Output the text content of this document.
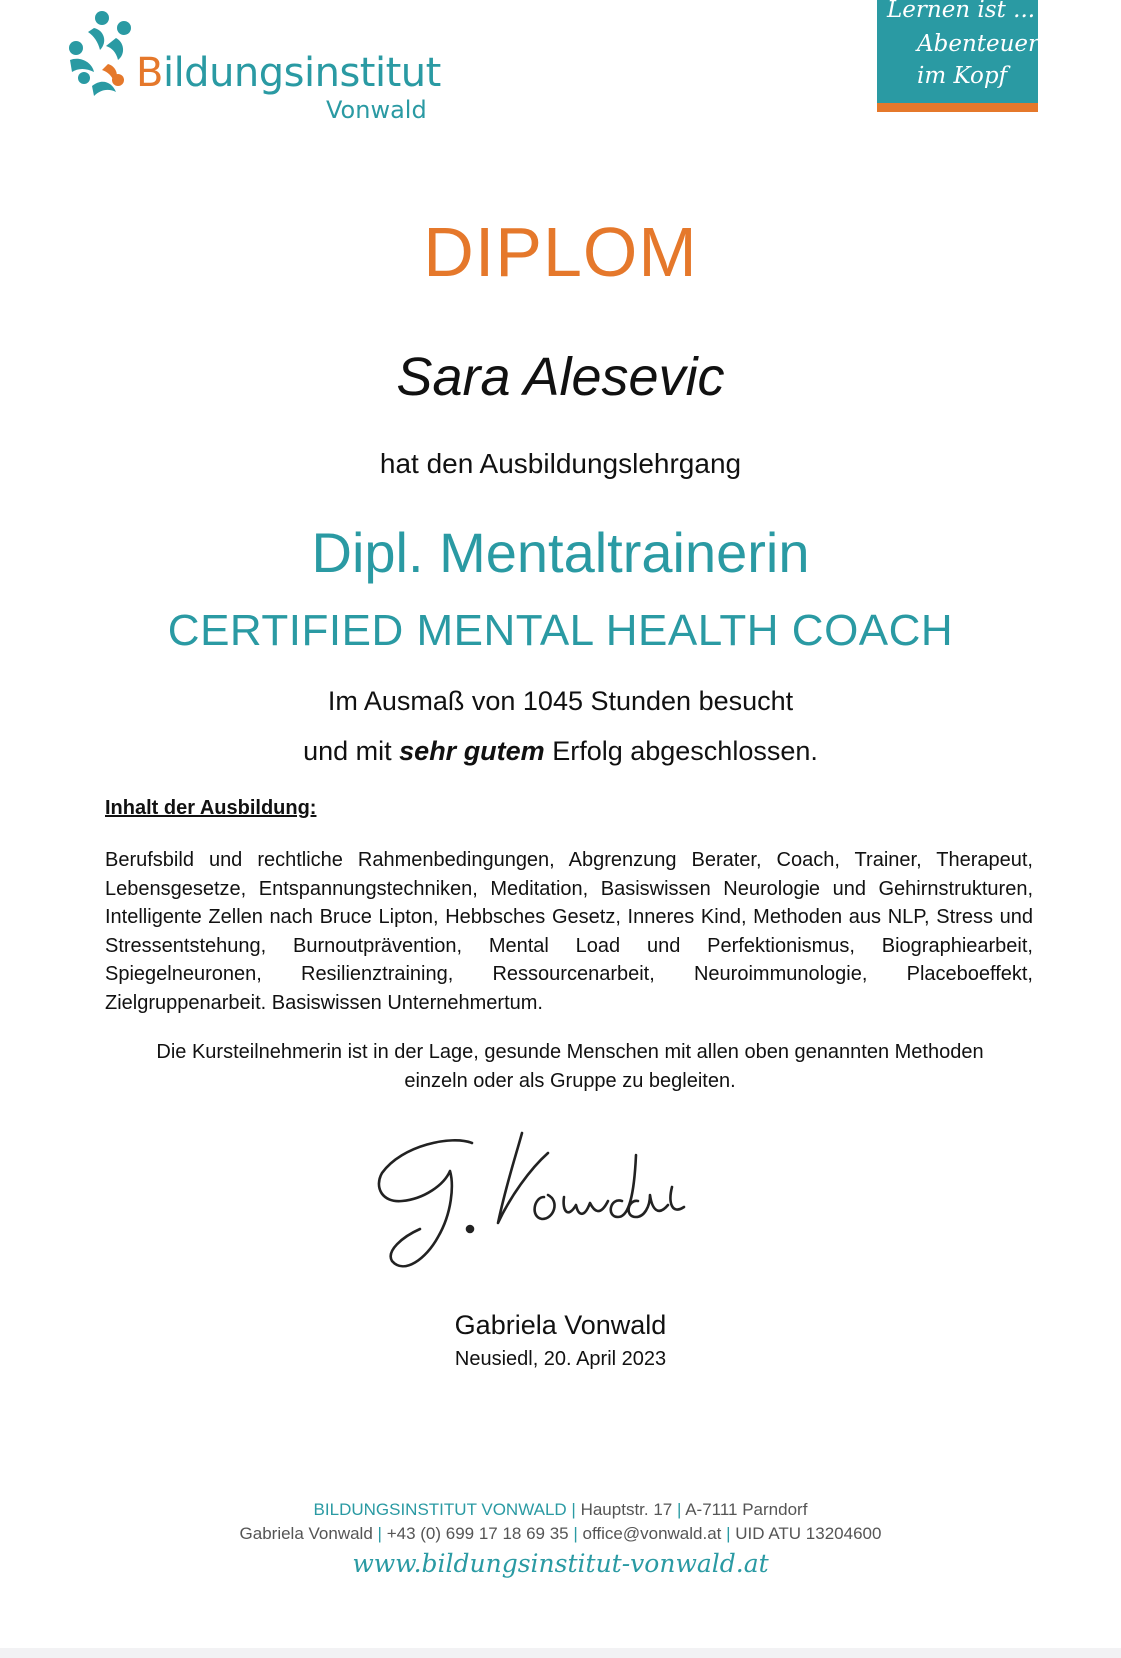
Bildungsinstitut
Vonwald
Lernen ist ...
Abenteuer
im Kopf
DIPLOM
Sara Alesevic
hat den Ausbildungslehrgang
Dipl. Mentaltrainerin
CERTIFIED MENTAL HEALTH COACH
Im Ausmaß von 1045 Stunden besucht
und mit sehr gutem Erfolg abgeschlossen.
Inhalt der Ausbildung:
Berufsbild und rechtliche Rahmenbedingungen, Abgrenzung Berater, Coach, Trainer, Therapeut, Lebensgesetze, Entspannungstechniken, Meditation, Basiswissen Neurologie und Gehirnstrukturen, Intelligente Zellen nach Bruce Lipton, Hebbsches Gesetz, Inneres Kind, Methoden aus NLP, Stress und Stressentstehung, Burnoutprävention, Mental Load und Perfektionismus, Biographiearbeit, Spiegelneuronen, Resilienztraining, Ressourcenarbeit, Neuroimmunologie, Placeboeffekt, Zielgruppenarbeit. Basiswissen Unternehmertum.
Die Kursteilnehmerin ist in der Lage, gesunde Menschen mit allen oben genannten Methoden
einzeln oder als Gruppe zu begleiten.
Gabriela Vonwald
Neusiedl, 20. April 2023
BILDUNGSINSTITUT VONWALD | Hauptstr. 17 | A-7111 Parndorf
Gabriela Vonwald | +43 (0) 699 17 18 69 35 | office@vonwald.at | UID ATU 13204600
www.bildungsinstitut-vonwald.at
